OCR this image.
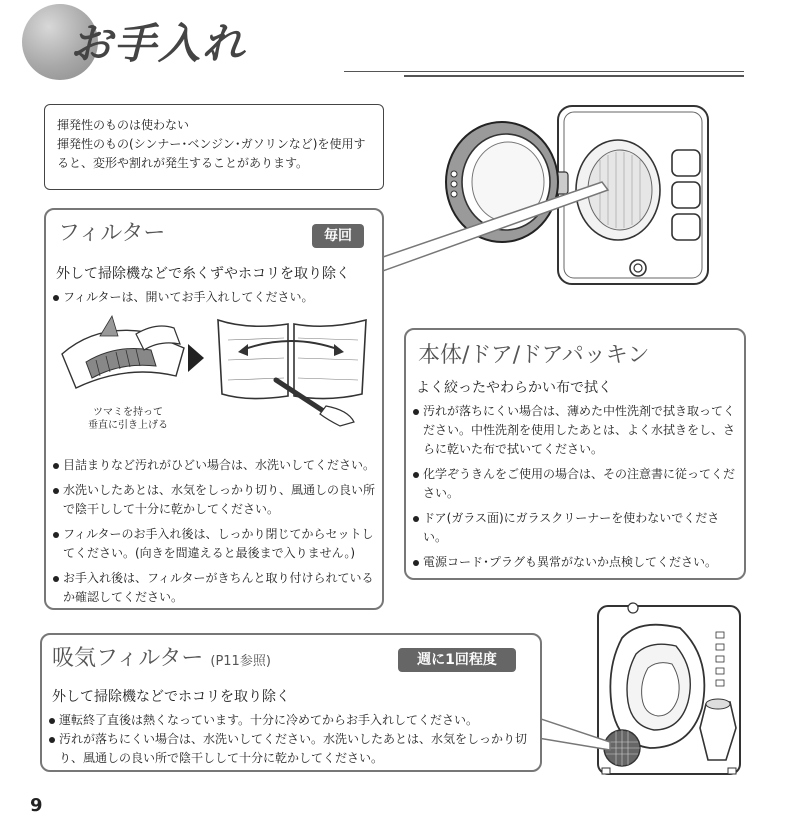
お手入れ

揮発性のものは使わない

揮発性のもの(シンナー･ベンジン･ガソリンなど)を使用すると、変形や割れが発生することがあります。

フィルター	毎回
外して掃除機などで糸くずやホコリを取り除く
フィルターは、開いてお手入れしてください。
ツマミを持って
垂直に引き上げる
目詰まりなど汚れがひどい場合は、水洗いしてください。
水洗いしたあとは、水気をしっかり切り、風通しの良い所で陰干しして十分に乾かしてください。
フィルターのお手入れ後は、しっかり閉じてからセットしてください。(向きを間違えると最後まで入りません。)
お手入れ後は、フィルターがきちんと取り付けられているか確認してください。
本体/ドア/ドアパッキン
よく絞ったやわらかい布で拭く
汚れが落ちにくい場合は、薄めた中性洗剤で拭き取ってください。中性洗剤を使用したあとは、よく水拭きをし、さらに乾いた布で拭いてください。
化学ぞうきんをご使用の場合は、その注意書に従ってください。
ドア(ガラス面)にガラスクリーナーを使わないでください。
電源コード･プラグも異常がないか点検してください。
吸気フィルター (P11参照)	週に1回程度
外して掃除機などでホコリを取り除く
運転終了直後は熱くなっています。十分に冷めてからお手入れしてください。
汚れが落ちにくい場合は、水洗いしてください。水洗いしたあとは、水気をしっかり切り、風通しの良い所で陰干しして十分に乾かしてください。
9
